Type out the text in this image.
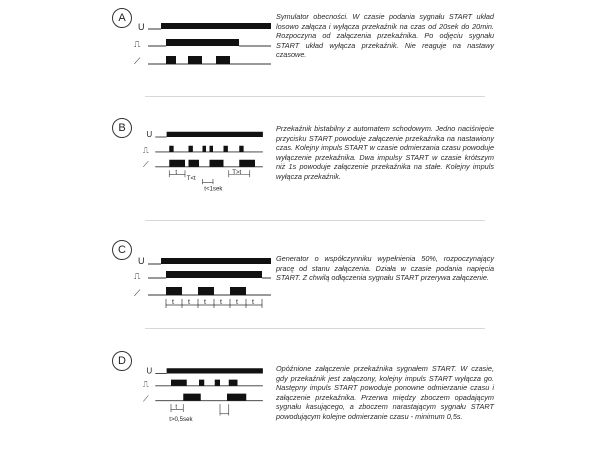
A
U
⎍
⟋

Symulator obecności. W czasie podania sygnału START układ losowo załącza i wyłącza przekaźnik na czas od 20sek do 20min. Rozpoczyna od załączenia przekaźnika. Po odjęciu sygnału START układ wyłącza przekaźnik. Nie reaguje na nastawy czasowe.

B
U
⎍
⟋
t
T<t
T>t
t<1sek

Przekaźnik bistabilny z automatem schodowym. Jedno naciśnięcie przycisku START powoduje załączenie przekaźnika na nastawiony czas. Kolejny impuls START w czasie odmierzania czasu powoduje wyłączenie przekaźnika. Dwa impulsy START w czasie krótszym niż 1s powoduje załączenie przekaźnika na stałe. Kolejny impuls wyłącza przekaźnik.

C
U
⎍
⟋
t t t t t t

Generator o współczynniku wypełnienia 50%, rozpoczynający pracę od stanu załączenia. Działa w czasie podania napięcia START. Z chwilą odłączenia sygnału START przerywa załączenie.

D
U
⎍
⟋
t
t>0,5sek

Opóźnione załączenie przekaźnika sygnałem START. W czasie, gdy przekaźnik jest załączony, kolejny impuls START wyłącza go. Następny impuls START powoduje ponowne odmierzanie czasu i załączenie przekaźnika. Przerwa między zboczem opadającym sygnału kasującego, a zboczem narastającym sygnału START powodującym kolejne odmierzanie czasu - minimum 0,5s.
